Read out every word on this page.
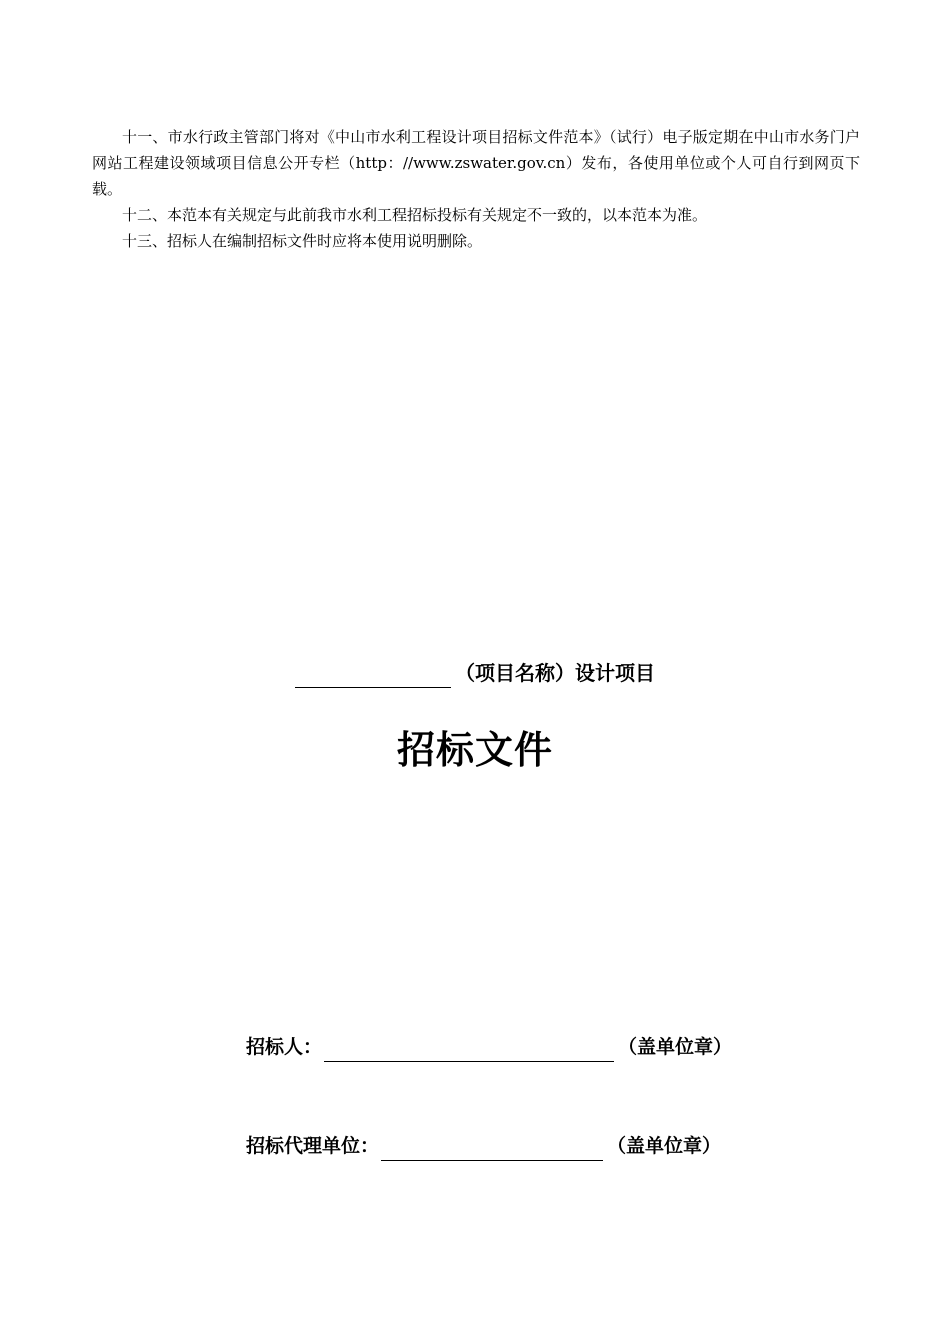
十一、市水行政主管部门将对《中山市水利工程设计项目招标文件范本》（试行）电子版定期在中山市水务门户网站工程建设领域项目信息公开专栏（http：//www.zswater.gov.cn）发布，各使用单位或个人可自行到网页下载。

十二、本范本有关规定与此前我市水利工程招标投标有关规定不一致的，以本范本为准。

十三、招标人在编制招标文件时应将本使用说明删除。

（项目名称）设计项目
招标文件
招标人：	（盖单位章）
招标代理单位：	（盖单位章）
